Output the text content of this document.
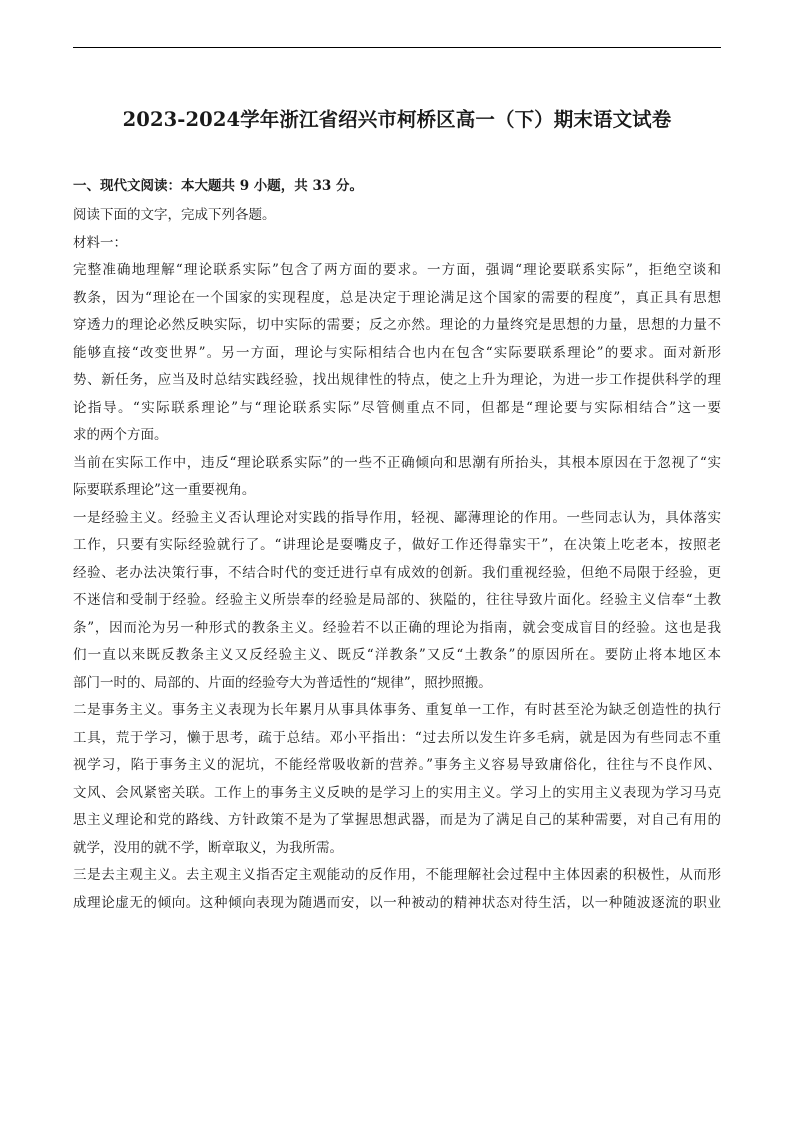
2023-2024学年浙江省绍兴市柯桥区高一（下）期末语文试卷

一、现代文阅读：本大题共 9 小题，共 33 分。

阅读下面的文字，完成下列各题。

材料一：

完整准确地理解“理论联系实际”包含了两方面的要求。一方面，强调“理论要联系实际”，拒绝空谈和
教条，因为“理论在一个国家的实现程度，总是决定于理论满足这个国家的需要的程度”，真正具有思想
穿透力的理论必然反映实际，切中实际的需要；反之亦然。理论的力量终究是思想的力量，思想的力量不
能够直接“改变世界”。另一方面，理论与实际相结合也内在包含“实际要联系理论”的要求。面对新形
势、新任务，应当及时总结实践经验，找出规律性的特点，使之上升为理论，为进一步工作提供科学的理
论指导。“实际联系理论”与“理论联系实际”尽管侧重点不同，但都是“理论要与实际相结合”这一要
求的两个方面。

当前在实际工作中，违反“理论联系实际”的一些不正确倾向和思潮有所抬头，其根本原因在于忽视了“实
际要联系理论”这一重要视角。

一是经验主义。经验主义否认理论对实践的指导作用，轻视、鄙薄理论的作用。一些同志认为，具体落实
工作，只要有实际经验就行了。“讲理论是耍嘴皮子，做好工作还得靠实干”，在决策上吃老本，按照老
经验、老办法决策行事，不结合时代的变迁进行卓有成效的创新。我们重视经验，但绝不局限于经验，更
不迷信和受制于经验。经验主义所崇奉的经验是局部的、狭隘的，往往导致片面化。经验主义信奉“土教
条”，因而沦为另一种形式的教条主义。经验若不以正确的理论为指南，就会变成盲目的经验。这也是我
们一直以来既反教条主义又反经验主义、既反“洋教条”又反“土教条”的原因所在。要防止将本地区本
部门一时的、局部的、片面的经验夸大为普适性的“规律”，照抄照搬。

二是事务主义。事务主义表现为长年累月从事具体事务、重复单一工作，有时甚至沦为缺乏创造性的执行
工具，荒于学习，懒于思考，疏于总结。邓小平指出：“过去所以发生许多毛病，就是因为有些同志不重
视学习，陷于事务主义的泥坑，不能经常吸收新的营养。”事务主义容易导致庸俗化，往往与不良作风、
文风、会风紧密关联。工作上的事务主义反映的是学习上的实用主义。学习上的实用主义表现为学习马克
思主义理论和党的路线、方针政策不是为了掌握思想武器，而是为了满足自己的某种需要，对自己有用的
就学，没用的就不学，断章取义，为我所需。

三是去主观主义。去主观主义指否定主观能动的反作用，不能理解社会过程中主体因素的积极性，从而形
成理论虚无的倾向。这种倾向表现为随遇而安，以一种被动的精神状态对待生活，以一种随波逐流的职业
